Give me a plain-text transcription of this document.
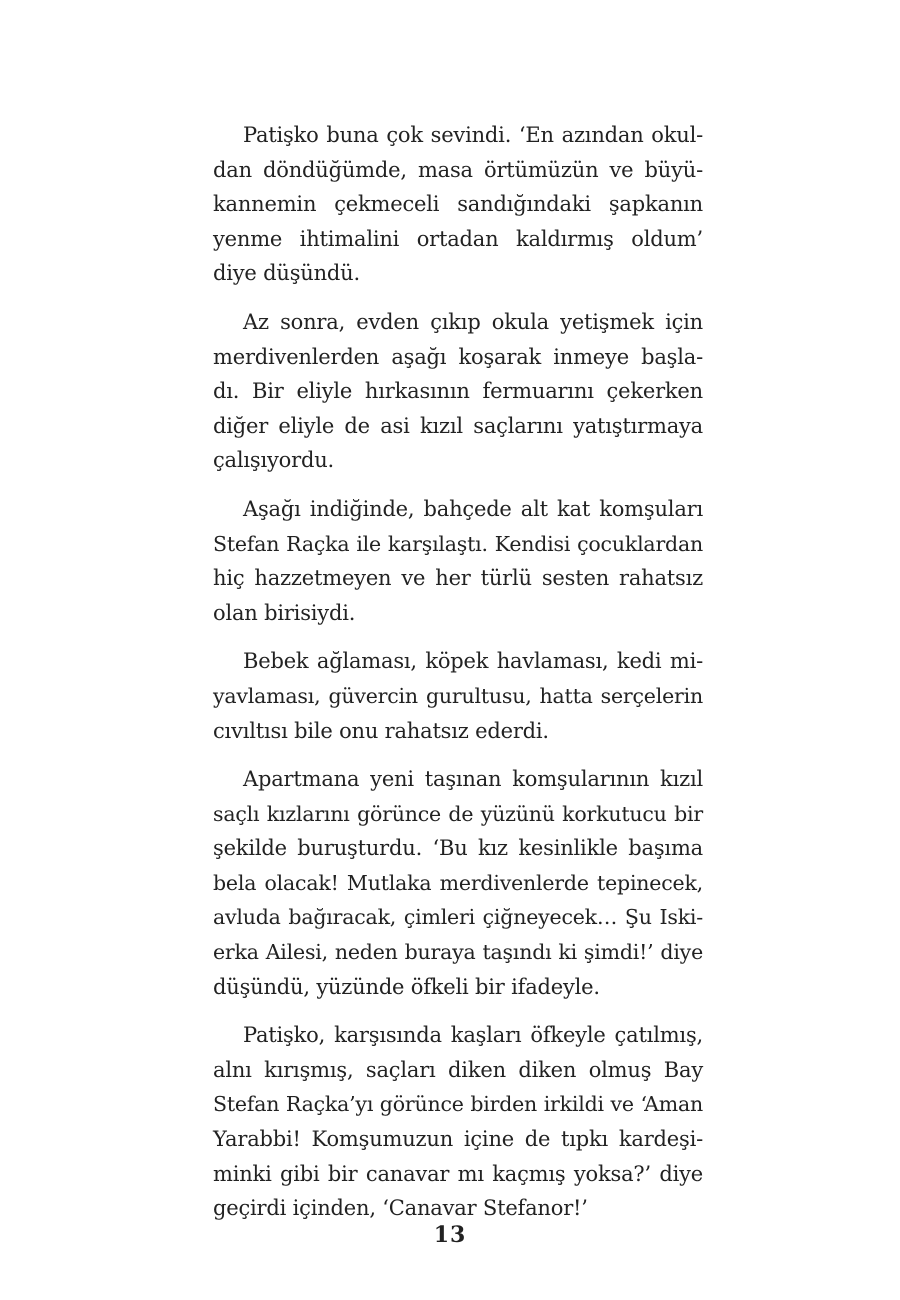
Patişko buna çok sevindi. ‘En azından okul-
dan döndüğümde, masa örtümüzün ve büyü-
kannemin çekmeceli sandığındaki şapkanın
yenme ihtimalini ortadan kaldırmış oldum’
diye düşündü.

Az sonra, evden çıkıp okula yetişmek için
merdivenlerden aşağı koşarak inmeye başla-
dı. Bir eliyle hırkasının fermuarını çekerken
diğer eliyle de asi kızıl saçlarını yatıştırmaya
çalışıyordu.

Aşağı indiğinde, bahçede alt kat komşuları
Stefan Raçka ile karşılaştı. Kendisi çocuklardan
hiç hazzetmeyen ve her türlü sesten rahatsız
olan birisiydi.

Bebek ağlaması, köpek havlaması, kedi mi-
yavlaması, güvercin gurultusu, hatta serçelerin
cıvıltısı bile onu rahatsız ederdi.

Apartmana yeni taşınan komşularının kızıl
saçlı kızlarını görünce de yüzünü korkutucu bir
şekilde buruşturdu. ‘Bu kız kesinlikle başıma
bela olacak! Mutlaka merdivenlerde tepinecek,
avluda bağıracak, çimleri çiğneyecek… Şu Iski-
erka Ailesi, neden buraya taşındı ki şimdi!’ diye
düşündü, yüzünde öfkeli bir ifadeyle.

Patişko, karşısında kaşları öfkeyle çatılmış,
alnı kırışmış, saçları diken diken olmuş Bay
Stefan Raçka’yı görünce birden irkildi ve ‘Aman
Yarabbi! Komşumuzun içine de tıpkı kardeşi-
minki gibi bir canavar mı kaçmış yoksa?’ diye
geçirdi içinden, ‘Canavar Stefanor!’

13
